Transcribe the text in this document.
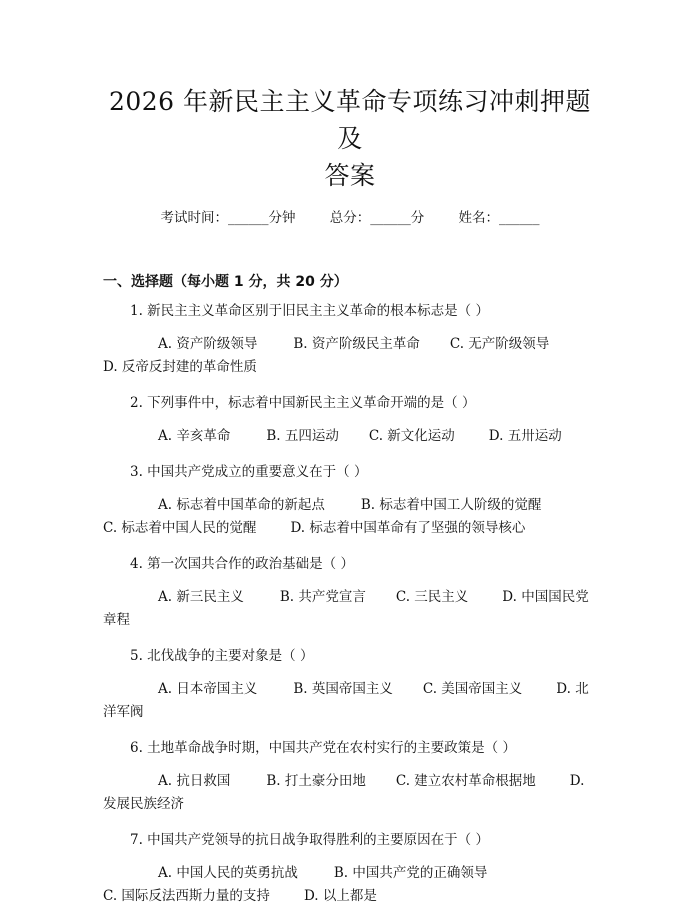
2026 年新民主主义革命专项练习冲刺押题及
答案
考试时间：______分钟	总分：______分	姓名：______
一、选择题（每小题 1 分，共 20 分）
1. 新民主主义革命区别于旧民主主义革命的根本标志是（ ）
A. 资产阶级领导	B. 资产阶级民主革命 C. 无产阶级领导D. 反帝反封建的革命性质
2. 下列事件中，标志着中国新民主主义革命开端的是（ ）
A. 辛亥革命	B. 五四运动 C. 新文化运动	D. 五卅运动
3. 中国共产党成立的重要意义在于（ ）
A. 标志着中国革命的新起点	B. 标志着中国工人阶级的觉醒C. 标志着中国人民的觉醒	D. 标志着中国革命有了坚强的领导核心
4. 第一次国共合作的政治基础是（ ）
A. 新三民主义	B. 共产党宣言 C. 三民主义	D. 中国国民党章程
5. 北伐战争的主要对象是（ ）
A. 日本帝国主义	B. 英国帝国主义 C. 美国帝国主义	D. 北洋军阀
6. 土地革命战争时期，中国共产党在农村实行的主要政策是（ ）
A. 抗日救国	B. 打土豪分田地 C. 建立农村革命根据地	D. 发展民族经济
7. 中国共产党领导的抗日战争取得胜利的主要原因在于（ ）
A. 中国人民的英勇抗战	B. 中国共产党的正确领导C. 国际反法西斯力量的支持	D. 以上都是
